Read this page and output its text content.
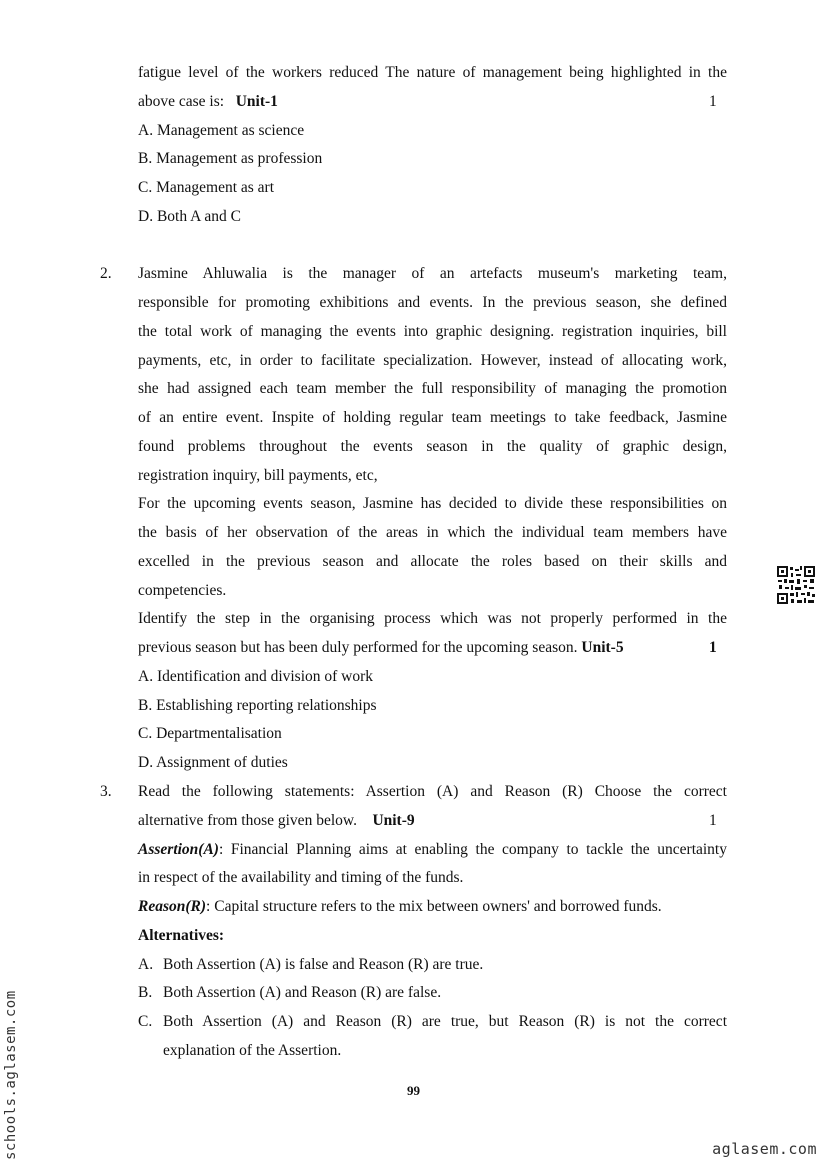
fatigue level of the workers reduced The nature of management being highlighted in the
above case is: Unit-1	1
A. Management as science
B. Management as profession
C. Management as art
D. Both A and C
2. Jasmine Ahluwalia is the manager of an artefacts museum's marketing team,
responsible for promoting exhibitions and events. In the previous season, she defined
the total work of managing the events into graphic designing. registration inquiries, bill
payments, etc, in order to facilitate specialization. However, instead of allocating work,
she had assigned each team member the full responsibility of managing the promotion
of an entire event. Inspite of holding regular team meetings to take feedback, Jasmine
found problems throughout the events season in the quality of graphic design,
registration inquiry, bill payments, etc,
For the upcoming events season, Jasmine has decided to divide these responsibilities on
the basis of her observation of the areas in which the individual team members have
excelled in the previous season and allocate the roles based on their skills and
competencies.
Identify the step in the organising process which was not properly performed in the
previous season but has been duly performed for the upcoming season. Unit-5	1
A. Identification and division of work
B. Establishing reporting relationships
C. Departmentalisation
D. Assignment of duties
3. Read the following statements: Assertion (A) and Reason (R) Choose the correct
alternative from those given below. Unit-9	1
Assertion(A): Financial Planning aims at enabling the company to tackle the uncertainty
in respect of the availability and timing of the funds.
Reason(R): Capital structure refers to the mix between owners' and borrowed funds.
Alternatives:
A. Both Assertion (A) is false and Reason (R) are true.
B. Both Assertion (A) and Reason (R) are false.
C. Both Assertion (A) and Reason (R) are true, but Reason (R) is not the correct
explanation of the Assertion.
99
schools.aglasem.com	aglasem.com
